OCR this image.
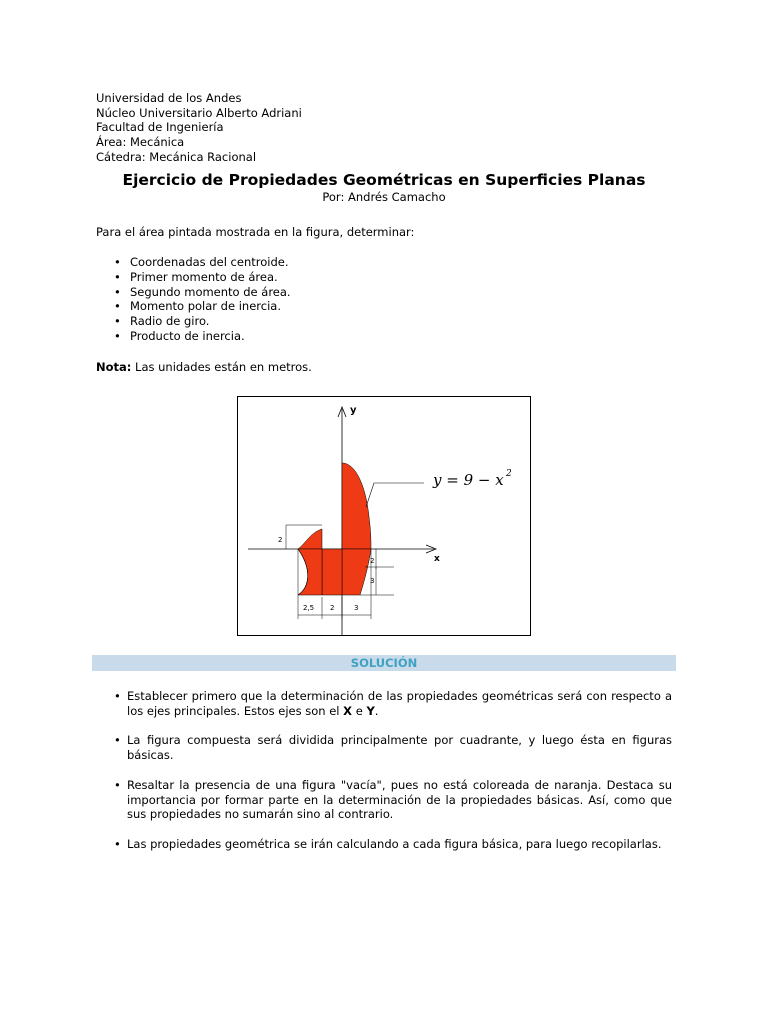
Universidad de los Andes
Núcleo Universitario Alberto Adriani
Facultad de Ingeniería
Área: Mecánica
Cátedra: Mecánica Racional
Ejercicio de Propiedades Geométricas en Superficies Planas
Por: Andrés Camacho
Para el área pintada mostrada en la figura, determinar:
• Coordenadas del centroide.
• Primer momento de área.
• Segundo momento de área.
• Momento polar de inercia.
• Radio de giro.
• Producto de inercia.
Nota: Las unidades están en metros.
y
x
y = 9 − x 2
2
2
3
2,5 2	3
SOLUCIÓN
• Establecer primero que la determinación de las propiedades geométricas será con respecto a los ejes principales. Estos ejes son el X e Y.
• La figura compuesta será dividida principalmente por cuadrante, y luego ésta en figuras básicas.
• Resaltar la presencia de una figura "vacía", pues no está coloreada de naranja. Destaca su importancia por formar parte en la determinación de la propiedades básicas. Así, como que sus propiedades no sumarán sino al contrario.
• Las propiedades geométrica se irán calculando a cada figura básica, para luego recopilarlas.
